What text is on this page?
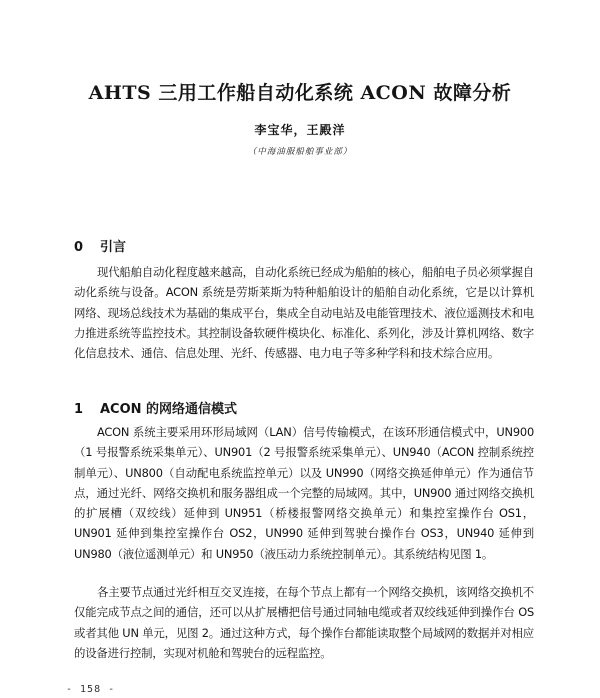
AHTS 三用工作船自动化系统 ACON 故障分析

李宝华，王殿洋

（中海油服船舶事业部）

0 引言

现代船舶自动化程度越来越高，自动化系统已经成为船舶的核心，船舶电子员必须掌握自动化系统与设备。ACON 系统是劳斯莱斯为特种船舶设计的船舶自动化系统，它是以计算机网络、现场总线技术为基础的集成平台，集成全自动电站及电能管理技术、液位遥测技术和电力推进系统等监控技术。其控制设备软硬件模块化、标准化、系列化，涉及计算机网络、数字化信息技术、通信、信息处理、光纤、传感器、电力电子等多种学科和技术综合应用。

1 ACON 的网络通信模式

ACON 系统主要采用环形局域网（LAN）信号传输模式，在该环形通信模式中，UN900（1 号报警系统采集单元）、UN901（2 号报警系统采集单元）、UN940（ACON 控制系统控制单元）、UN800（自动配电系统监控单元）以及 UN990（网络交换延伸单元）作为通信节点，通过光纤、网络交换机和服务器组成一个完整的局域网。其中，UN900 通过网络交换机的扩展槽（双绞线）延伸到 UN951（桥楼报警网络交换单元）和集控室操作台 OS1，UN901 延伸到集控室操作台 OS2，UN990 延伸到驾驶台操作台 OS3，UN940 延伸到 UN980（液位遥测单元）和 UN950（液压动力系统控制单元）。其系统结构见图 1。

各主要节点通过光纤相互交叉连接，在每个节点上都有一个网络交换机，该网络交换机不仅能完成节点之间的通信，还可以从扩展槽把信号通过同轴电缆或者双绞线延伸到操作台 OS 或者其他 UN 单元，见图 2。通过这种方式，每个操作台都能读取整个局域网的数据并对相应的设备进行控制，实现对机舱和驾驶台的远程监控。

- 158 -
